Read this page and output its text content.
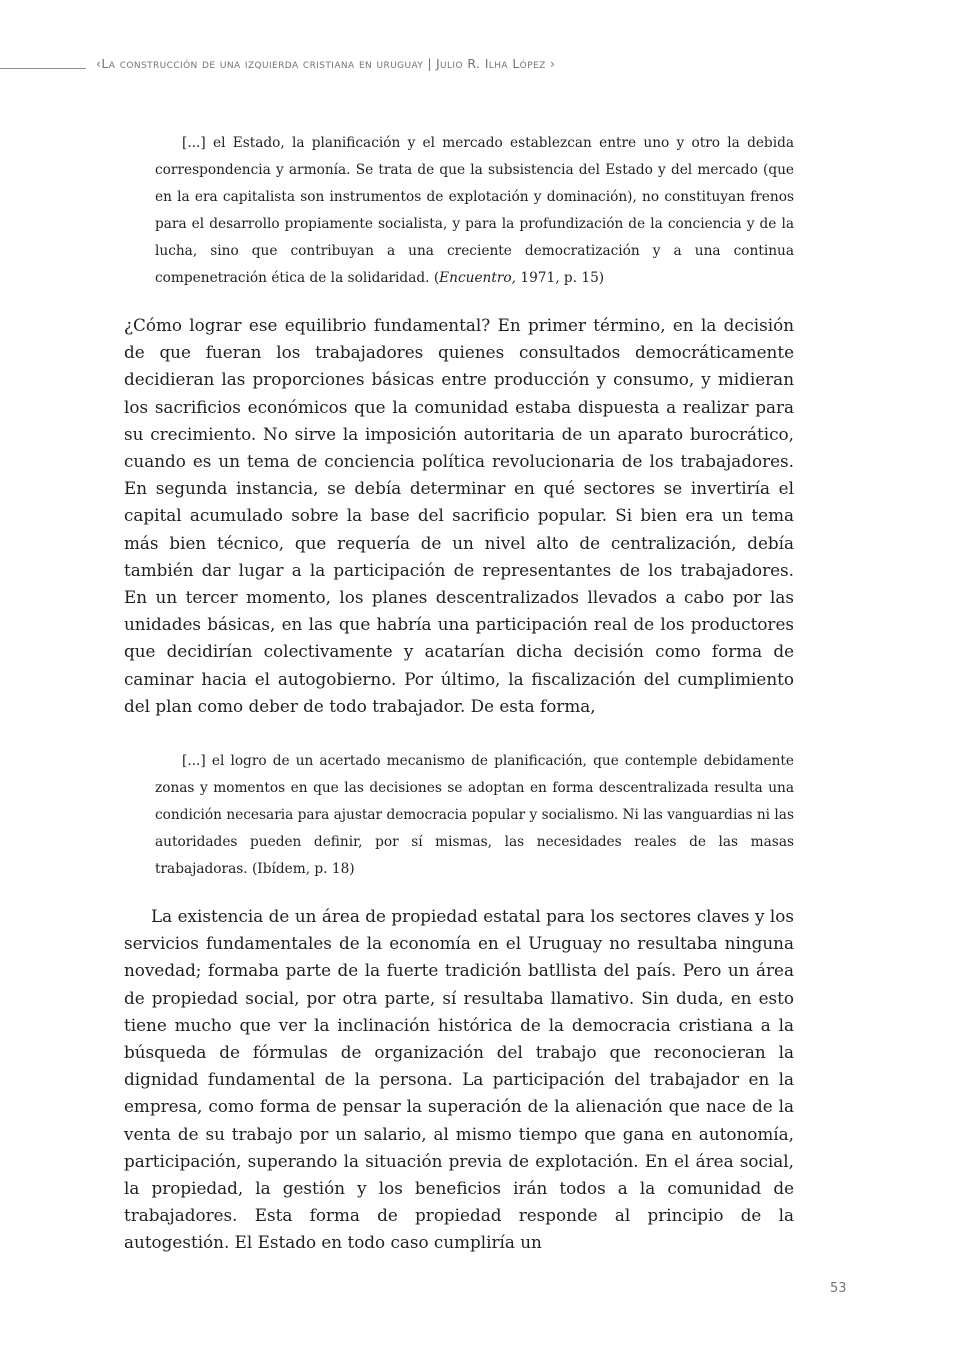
‹La construcción de una izquierda cristiana en uruguay | Julio R. Ilha López ›

[...] el Estado, la planificación y el mercado establezcan entre uno y otro la debida correspondencia y armonía. Se trata de que la subsistencia del Estado y del mercado (que en la era capitalista son instrumentos de explotación y dominación), no constituyan frenos para el desarrollo propiamente socialista, y para la profundización de la conciencia y de la lucha, sino que contribuyan a una creciente democratización y a una continua compenetración ética de la solidaridad. (Encuentro, 1971, p. 15)

¿Cómo lograr ese equilibrio fundamental? En primer término, en la decisión de que fueran los trabajadores quienes consultados democráticamente decidieran las proporciones básicas entre producción y consumo, y midieran los sacrificios económicos que la comunidad estaba dispuesta a realizar para su crecimiento. No sirve la imposición autoritaria de un aparato burocrático, cuando es un tema de conciencia política revolucionaria de los trabajadores. En segunda instancia, se debía determinar en qué sectores se invertiría el capital acumulado sobre la base del sacrificio popular. Si bien era un tema más bien técnico, que requería de un nivel alto de centralización, debía también dar lugar a la participación de representantes de los trabajadores. En un tercer momento, los planes descentralizados llevados a cabo por las unidades básicas, en las que habría una participación real de los productores que decidirían colectivamente y acatarían dicha decisión como forma de caminar hacia el autogobierno. Por último, la fiscalización del cumplimiento del plan como deber de todo trabajador. De esta forma,

[...] el logro de un acertado mecanismo de planificación, que contemple debidamente zonas y momentos en que las decisiones se adoptan en forma descentralizada resulta una condición necesaria para ajustar democracia popular y socialismo. Ni las vanguardias ni las autoridades pueden definir, por sí mismas, las necesidades reales de las masas trabajadoras. (Ibídem, p. 18)

La existencia de un área de propiedad estatal para los sectores claves y los servicios fundamentales de la economía en el Uruguay no resultaba ninguna novedad; formaba parte de la fuerte tradición batllista del país. Pero un área de propiedad social, por otra parte, sí resultaba llamativo. Sin duda, en esto tiene mucho que ver la inclinación histórica de la democracia cristiana a la búsqueda de fórmulas de organización del trabajo que reconocieran la dignidad fundamental de la persona. La participación del trabajador en la empresa, como forma de pensar la superación de la alienación que nace de la venta de su trabajo por un salario, al mismo tiempo que gana en autonomía, participación, superando la situación previa de explotación. En el área social, la propiedad, la gestión y los beneficios irán todos a la comunidad de trabajadores. Esta forma de propiedad responde al principio de la autogestión. El Estado en todo caso cumpliría un

53
